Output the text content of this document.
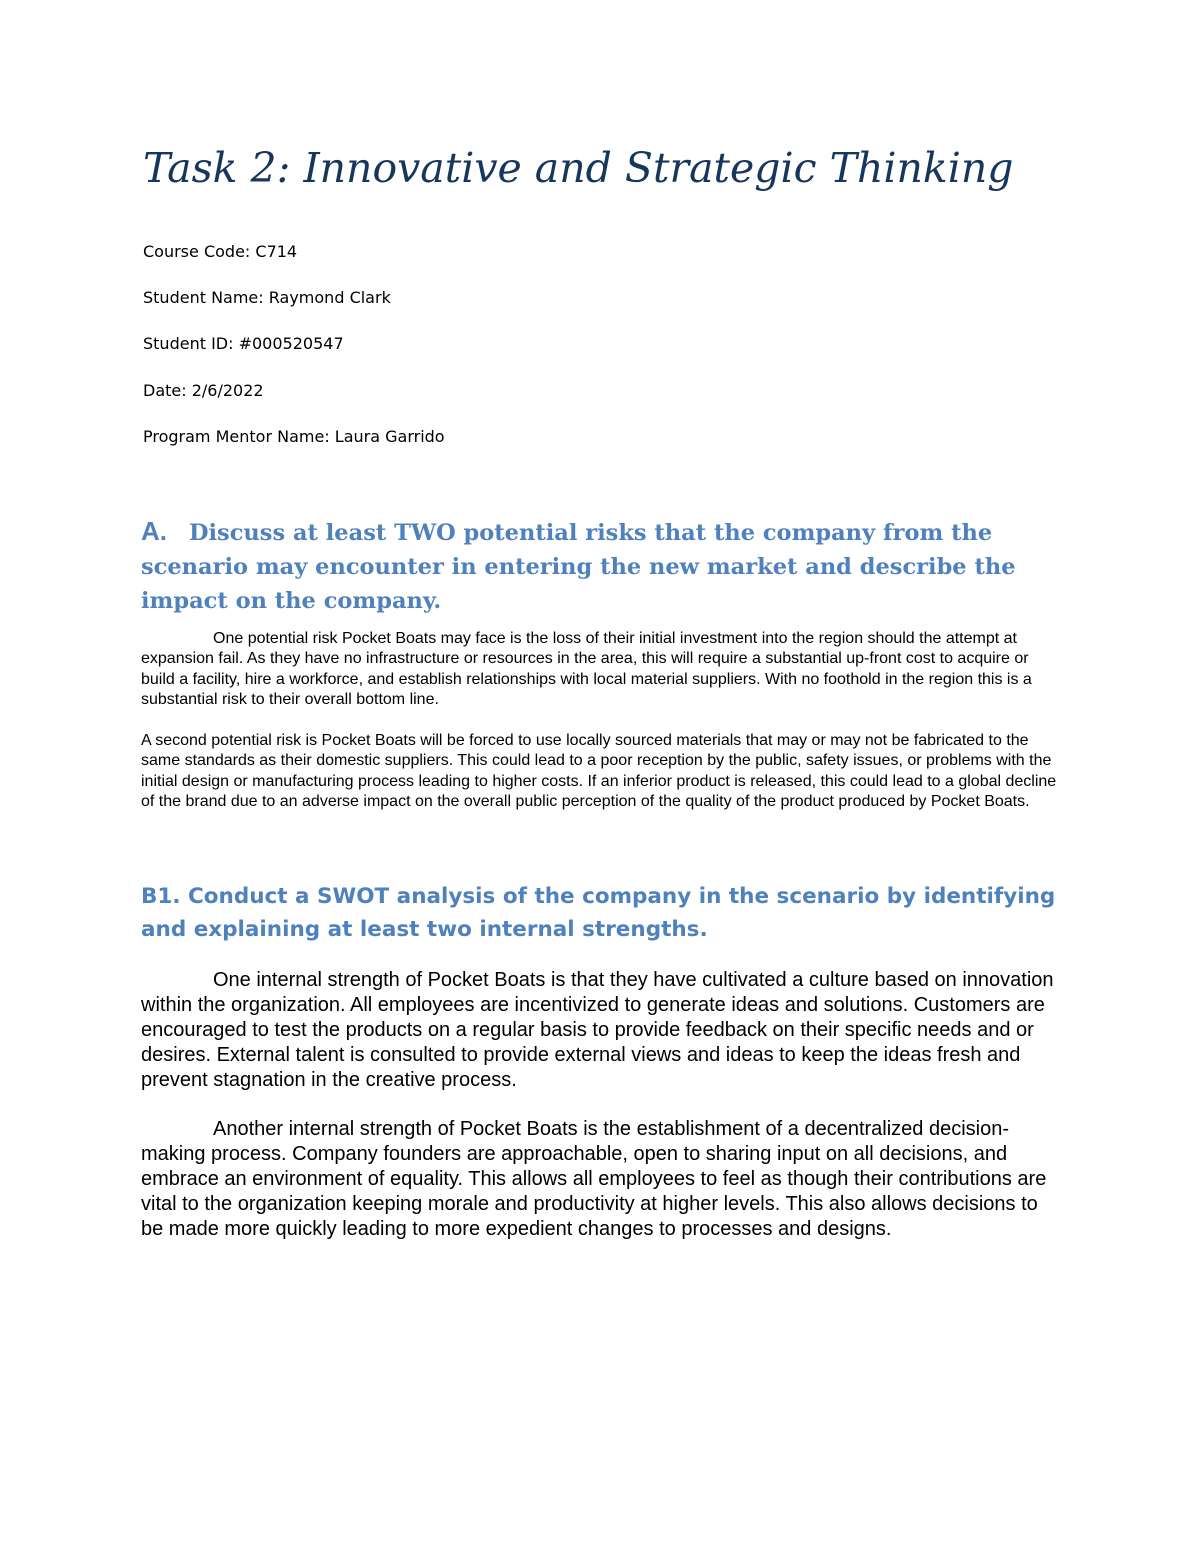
Task 2: Innovative and Strategic Thinking

Course Code: C714

Student Name: Raymond Clark

Student ID: #000520547

Date: 2/6/2022

Program Mentor Name: Laura Garrido

A. Discuss at least TWO potential risks that the company from the scenario may encounter in entering the new market and describe the impact on the company.

One potential risk Pocket Boats may face is the loss of their initial investment into the region should the attempt at expansion fail. As they have no infrastructure or resources in the area, this will require a substantial up-front cost to acquire or build a facility, hire a workforce, and establish relationships with local material suppliers. With no foothold in the region this is a substantial risk to their overall bottom line.

A second potential risk is Pocket Boats will be forced to use locally sourced materials that may or may not be fabricated to the same standards as their domestic suppliers. This could lead to a poor reception by the public, safety issues, or problems with the initial design or manufacturing process leading to higher costs. If an inferior product is released, this could lead to a global decline of the brand due to an adverse impact on the overall public perception of the quality of the product produced by Pocket Boats.

B1. Conduct a SWOT analysis of the company in the scenario by identifying and explaining at least two internal strengths.

One internal strength of Pocket Boats is that they have cultivated a culture based on innovation within the organization. All employees are incentivized to generate ideas and solutions. Customers are encouraged to test the products on a regular basis to provide feedback on their specific needs and or desires. External talent is consulted to provide external views and ideas to keep the ideas fresh and prevent stagnation in the creative process.

Another internal strength of Pocket Boats is the establishment of a decentralized decision-making process. Company founders are approachable, open to sharing input on all decisions, and embrace an environment of equality. This allows all employees to feel as though their contributions are vital to the organization keeping morale and productivity at higher levels. This also allows decisions to be made more quickly leading to more expedient changes to processes and designs.
